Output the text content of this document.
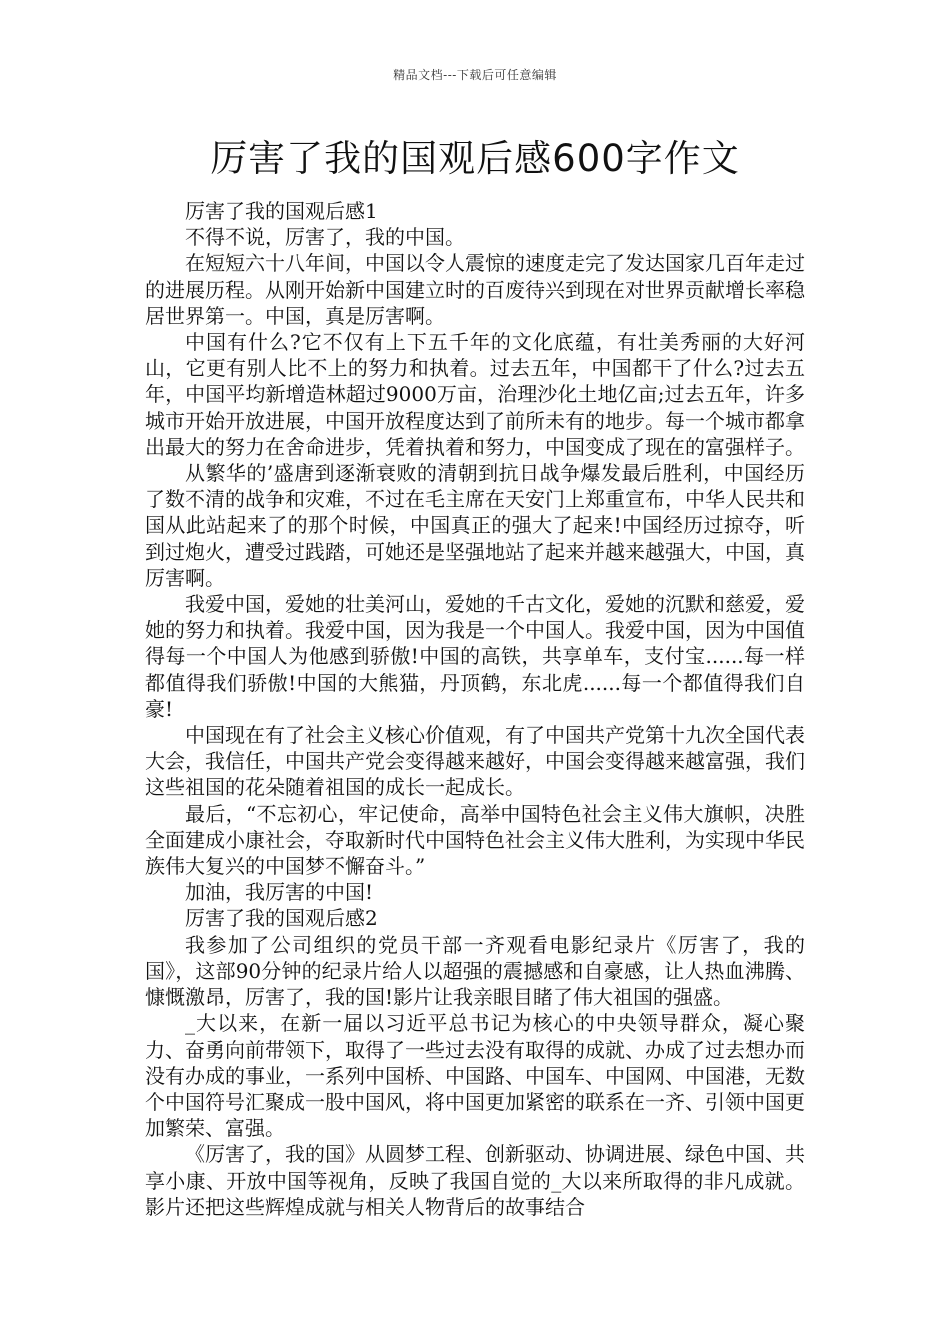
精品文档---下载后可任意编辑
厉害了我的国观后感600字作文

厉害了我的国观后感1

不得不说，厉害了，我的中国。

在短短六十八年间，中国以令人震惊的速度走完了发达国家几百年走过的进展历程。从刚开始新中国建立时的百废待兴到现在对世界贡献增长率稳居世界第一。中国，真是厉害啊。

中国有什么?它不仅有上下五千年的文化底蕴，有壮美秀丽的大好河山，它更有别人比不上的努力和执着。过去五年，中国都干了什么?过去五年，中国平均新增造林超过9000万亩，治理沙化土地亿亩;过去五年，许多城市开始开放进展，中国开放程度达到了前所未有的地步。每一个城市都拿出最大的努力在舍命进步，凭着执着和努力，中国变成了现在的富强样子。

从繁华的’盛唐到逐渐衰败的清朝到抗日战争爆发最后胜利，中国经历了数不清的战争和灾难，不过在毛主席在天安门上郑重宣布，中华人民共和国从此站起来了的那个时候，中国真正的强大了起来!中国经历过掠夺，听到过炮火，遭受过践踏，可她还是坚强地站了起来并越来越强大，中国，真厉害啊。

我爱中国，爱她的壮美河山，爱她的千古文化，爱她的沉默和慈爱，爱她的努力和执着。我爱中国，因为我是一个中国人。我爱中国，因为中国值得每一个中国人为他感到骄傲!中国的高铁，共享单车，支付宝......每一样都值得我们骄傲!中国的大熊猫，丹顶鹤，东北虎......每一个都值得我们自豪!

中国现在有了社会主义核心价值观，有了中国共产党第十九次全国代表大会，我信任，中国共产党会变得越来越好，中国会变得越来越富强，我们这些祖国的花朵随着祖国的成长一起成长。

最后，“不忘初心，牢记使命，高举中国特色社会主义伟大旗帜，决胜全面建成小康社会，夺取新时代中国特色社会主义伟大胜利，为实现中华民族伟大复兴的中国梦不懈奋斗。”

加油，我厉害的中国!

厉害了我的国观后感2

我参加了公司组织的党员干部一齐观看电影纪录片《厉害了，我的国》，这部90分钟的纪录片给人以超强的震撼感和自豪感，让人热血沸腾、慷慨激昂，厉害了，我的国!影片让我亲眼目睹了伟大祖国的强盛。

_大以来，在新一届以习近平总书记为核心的中央领导群众，凝心聚力、奋勇向前带领下，取得了一些过去没有取得的成就、办成了过去想办而没有办成的事业，一系列中国桥、中国路、中国车、中国网、中国港，无数个中国符号汇聚成一股中国风，将中国更加紧密的联系在一齐、引领中国更加繁荣、富强。

《厉害了，我的国》从圆梦工程、创新驱动、协调进展、绿色中国、共享小康、开放中国等视角，反映了我国自觉的_大以来所取得的非凡成就。影片还把这些辉煌成就与相关人物背后的故事结合
